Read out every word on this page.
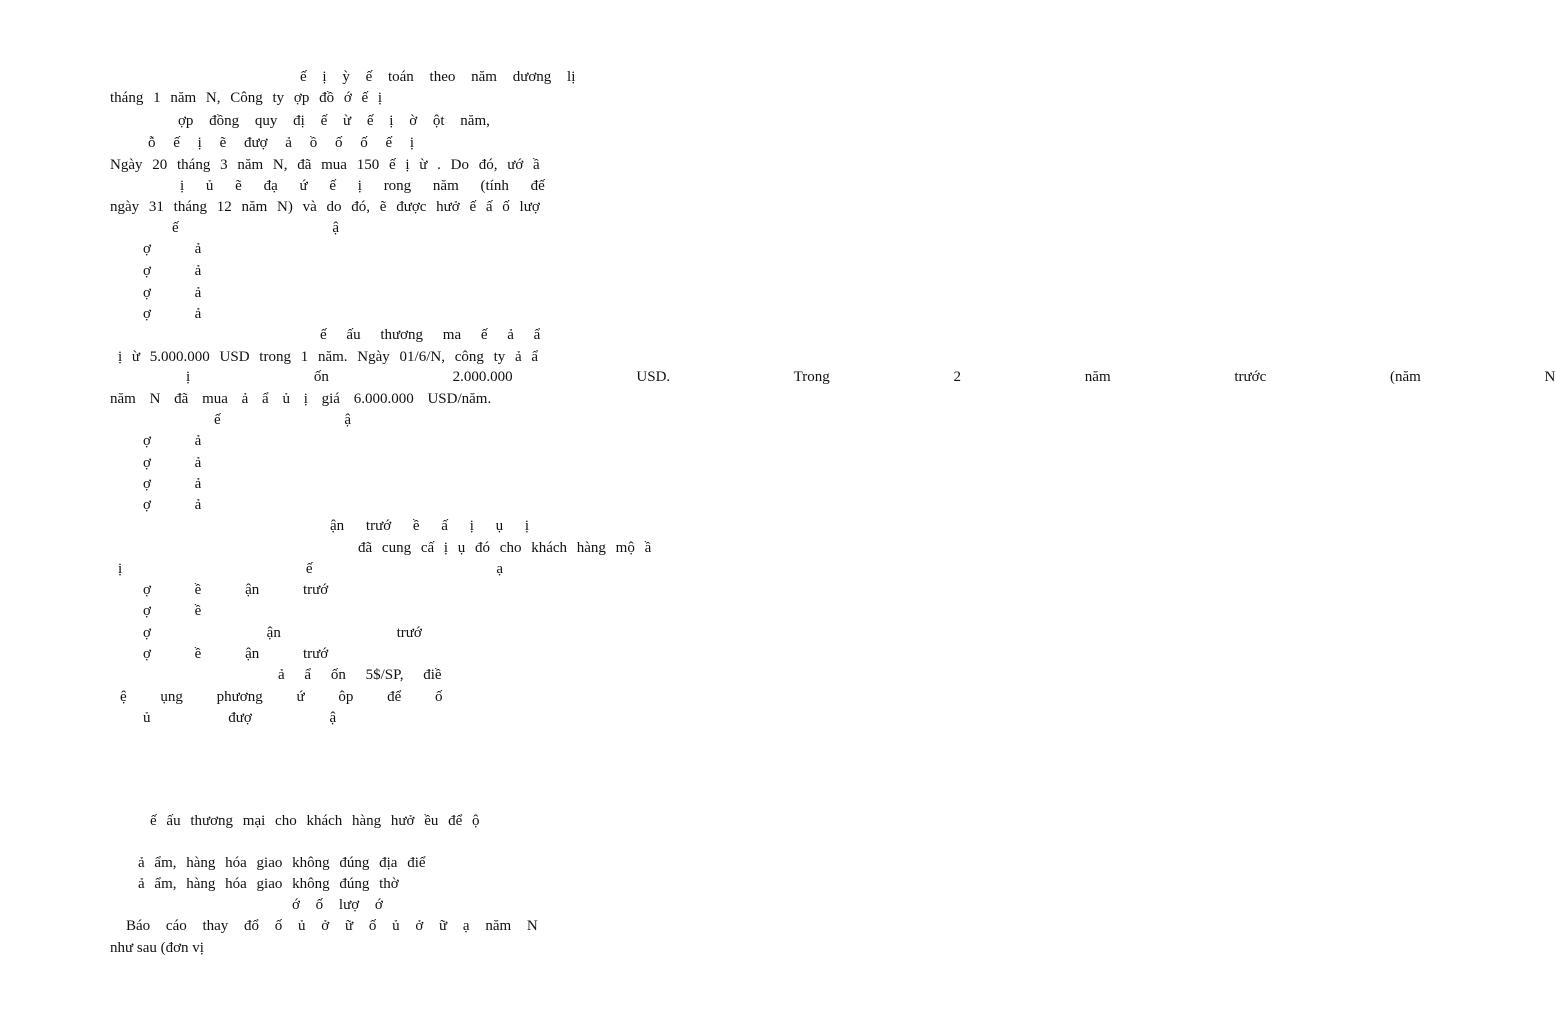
ế ị ỳ ế toán theo năm dương lị

tháng 1 năm N, Công ty ợp đồ ớ ế ị

ợp đồng quy đị ế ừ ế ị ờ ột năm,

ỗ ế ị ẽ đượ ả ồ ố ố ế ị

Ngày 20 tháng 3 năm N, đã mua 150 ế ị ừ . Do đó, ướ ầ

ị ủ ẽ đạ ứ ế ị rong năm (tính đế

ngày 31 tháng 12 năm N) và do đó, ẽ được hưở ế ấ ố lượ

ế ậ

ợ ả

ợ ả

ợ ả

ợ ả

ế ấu thương ma ế ả ẩ

ị ừ 5.000.000 USD trong 1 năm. Ngày 01/6/N, công ty ả ẩ

ị ốn 2.000.000 USD. Trong 2 năm trước (năm N

năm N đã mua ả ẩ ủ ị giá 6.000.000 USD/năm.

ế ậ

ợ ả

ợ ả

ợ ả

ợ ả

ận trướ ề ấ ị ụ ị

đã cung cấ ị ụ đó cho khách hàng mộ ầ

ị ế ạ

ợ ề ận trướ

ợ ề

ợ ận trướ

ợ ề ận trướ

ả ẩ ốn 5$/SP, điề

ệ ụng phương ứ ôp để ố

ủ đượ ậ

ế ấu thương mại cho khách hàng hưở ều để ộ

ả ẩm, hàng hóa giao không đúng địa điể

ả ẩm, hàng hóa giao không đúng thờ

ớ ố lượ ớ

Báo cáo thay đổ ố ủ ở ữ ố ủ ở ữ ạ năm N

như sau (đơn vị
